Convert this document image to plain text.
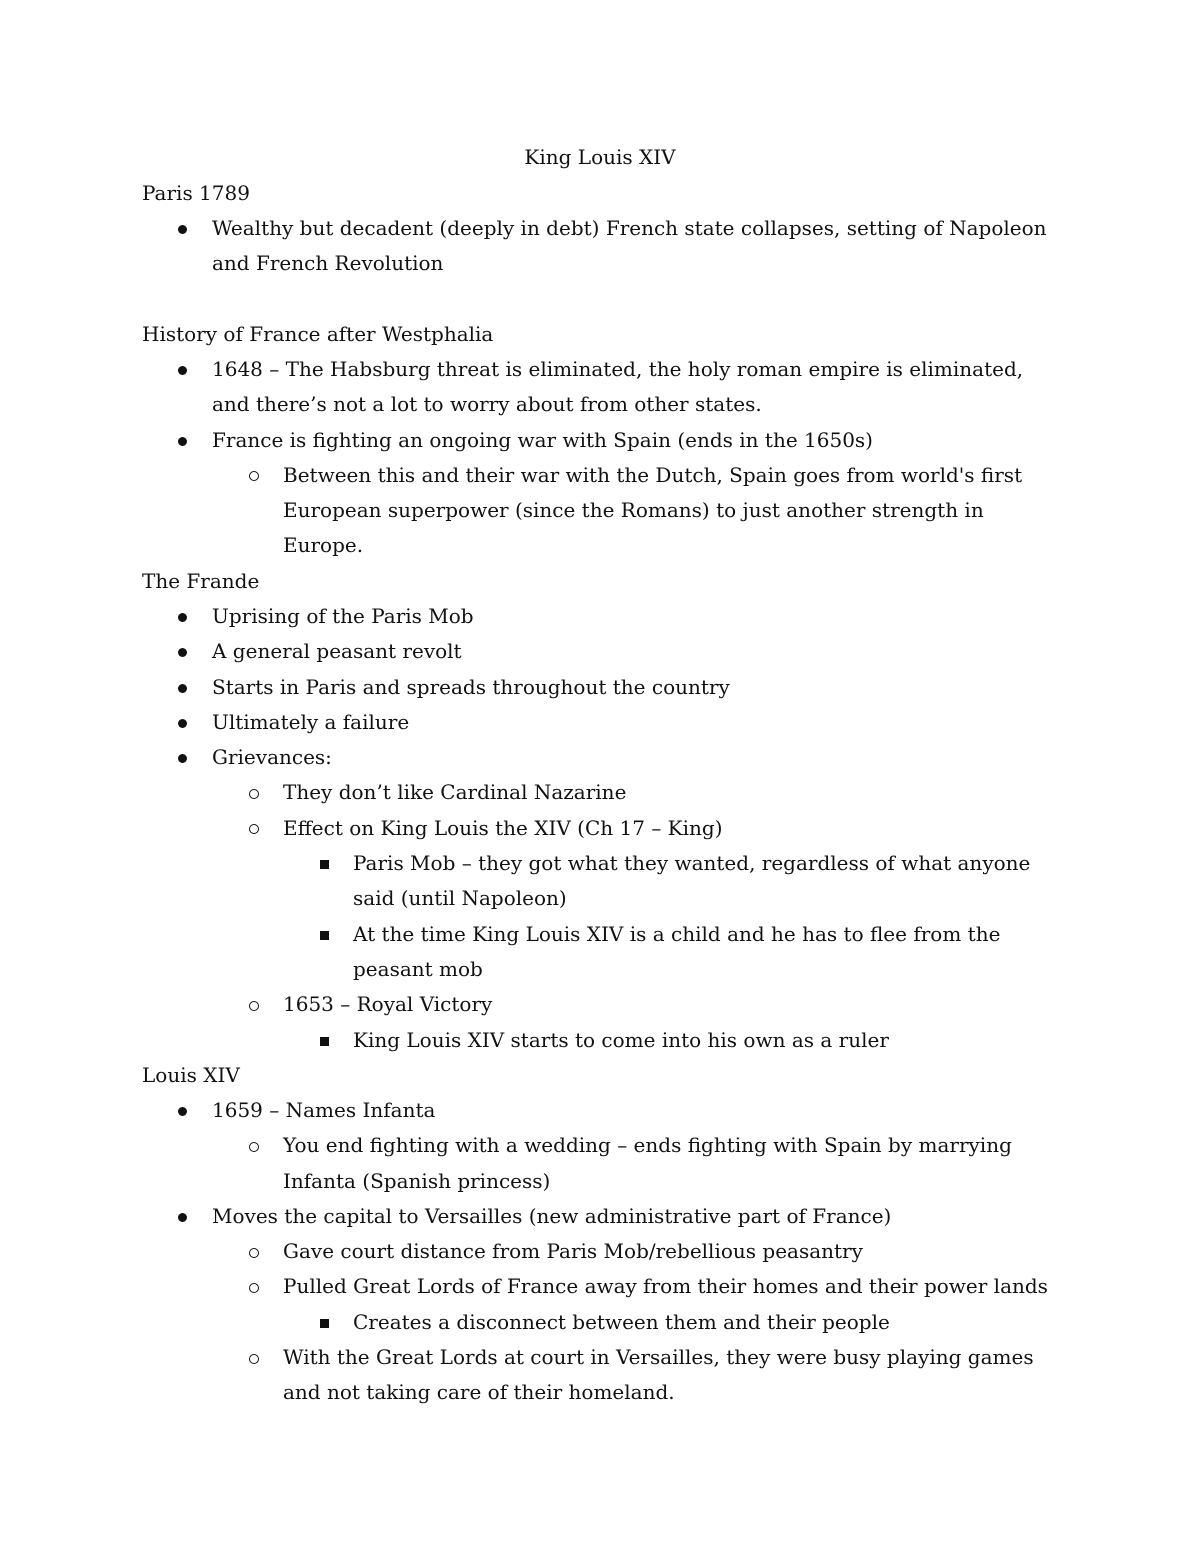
King Louis XIV
Paris 1789
Wealthy but decadent (deeply in debt) French state collapses, setting of Napoleon and French Revolution
History of France after Westphalia
1648 – The Habsburg threat is eliminated, the holy roman empire is eliminated, and there’s not a lot to worry about from other states.
France is fighting an ongoing war with Spain (ends in the 1650s)
Between this and their war with the Dutch, Spain goes from world's first European superpower (since the Romans) to just another strength in Europe.
The Frande
Uprising of the Paris Mob
A general peasant revolt
Starts in Paris and spreads throughout the country
Ultimately a failure
Grievances:
They don’t like Cardinal Nazarine
Effect on King Louis the XIV (Ch 17 – King)
Paris Mob – they got what they wanted, regardless of what anyone said (until Napoleon)
At the time King Louis XIV is a child and he has to flee from the peasant mob
1653 – Royal Victory
King Louis XIV starts to come into his own as a ruler
Louis XIV
1659 – Names Infanta
You end fighting with a wedding – ends fighting with Spain by marrying Infanta (Spanish princess)
Moves the capital to Versailles (new administrative part of France)
Gave court distance from Paris Mob/rebellious peasantry
Pulled Great Lords of France away from their homes and their power lands
Creates a disconnect between them and their people
With the Great Lords at court in Versailles, they were busy playing games and not taking care of their homeland.
